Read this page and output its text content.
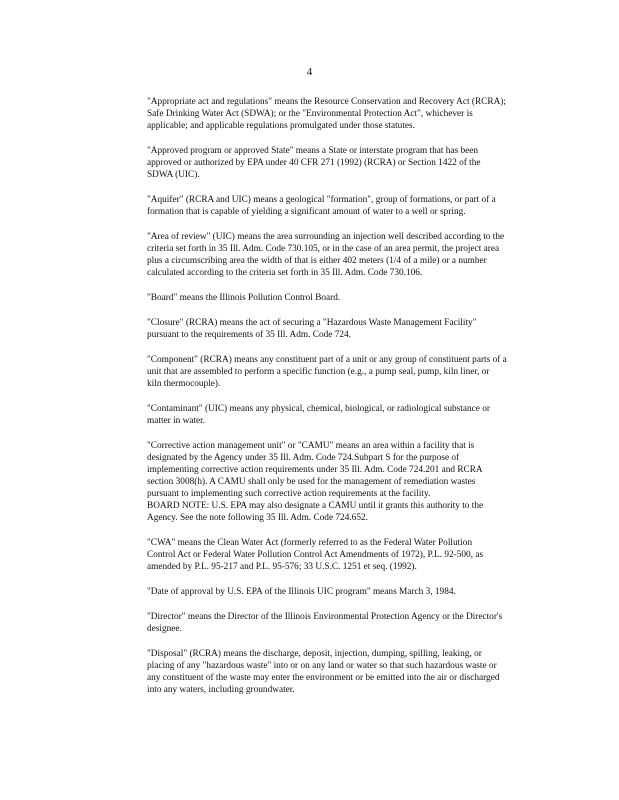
4

"Appropriate act and regulations" means the Resource Conservation and Recovery Act (RCRA);
Safe Drinking Water Act (SDWA); or the "Environmental Protection Act", whichever is
applicable; and applicable regulations promulgated under those statutes.

"Approved program or approved State" means a State or interstate program that has been
approved or authorized by EPA under 40 CFR 271 (1992) (RCRA) or Section 1422 of the
SDWA (UIC).

"Aquifer" (RCRA and UIC) means a geological "formation", group of formations, or part of a
formation that is capable of yielding a significant amount of water to a well or spring.

"Area of review" (UIC) means the area surrounding an injection well described according to the
criteria set forth in 35 Ill. Adm. Code 730.105, or in the case of an area permit, the project area
plus a circumscribing area the width of that is either 402 meters (1/4 of a mile) or a number
calculated according to the criteria set forth in 35 Ill. Adm. Code 730.106.

"Board" means the Illinois Pollution Control Board.

"Closure" (RCRA) means the act of securing a "Hazardous Waste Management Facility"
pursuant to the requirements of 35 Ill. Adm. Code 724.

"Component" (RCRA) means any constituent part of a unit or any group of constituent parts of a
unit that are assembled to perform a specific function (e.g., a pump seal, pump, kiln liner, or
kiln thermocouple).

"Contaminant" (UIC) means any physical, chemical, biological, or radiological substance or
matter in water.

"Corrective action management unit" or "CAMU" means an area within a facility that is
designated by the Agency under 35 Ill. Adm. Code 724.Subpart S for the purpose of
implementing corrective action requirements under 35 Ill. Adm. Code 724.201 and RCRA
section 3008(h). A CAMU shall only be used for the management of remediation wastes
pursuant to implementing such corrective action requirements at the facility.
BOARD NOTE: U.S. EPA may also designate a CAMU until it grants this authority to the
Agency. See the note following 35 Ill. Adm. Code 724.652.

"CWA" means the Clean Water Act (formerly referred to as the Federal Water Pollution
Control Act or Federal Water Pollution Control Act Amendments of 1972), P.L. 92-500, as
amended by P.L. 95-217 and P.L. 95-576; 33 U.S.C. 1251 et seq. (1992).

"Date of approval by U.S. EPA of the Illinois UIC program" means March 3, 1984.

"Director" means the Director of the Illinois Environmental Protection Agency or the Director's
designee.

"Disposal" (RCRA) means the discharge, deposit, injection, dumping, spilling, leaking, or
placing of any "hazardous waste" into or on any land or water so that such hazardous waste or
any constituent of the waste may enter the environment or be emitted into the air or discharged
into any waters, including groundwater.
